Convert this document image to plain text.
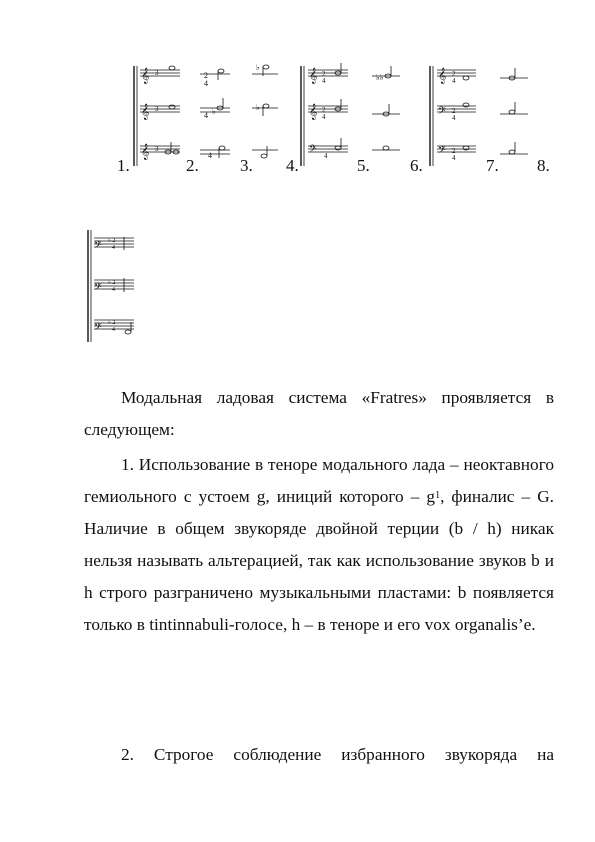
𝄞
𝄞
𝄞
3
3
3
2
4
4 ♭
4
♭
♭
𝄞
𝄞
𝄢
2
4
2
4
4
♭♭	𝄞
𝄢
𝄢
2
4
2
4
2
4
1.	2. 3. 4.	5. 6.	7. 8.
𝄢
𝄢
𝄢
♭ 2
4
♭ 2
4
♭ 2
4

Модальная ладовая система «Fratres» проявляется в следующем:

1. Использование в теноре модального лада – неоктавного гемиольного с устоем g, иниций которого – $g^1$, финалис – G. Наличие в общем звукоряде двойной терции (b / h) никак нельзя называть альтерацией, так как использование звуков b и h строго разграничено музыкальными пластами: b появляется только в tintinnabuli-голосе, h – в теноре и его vox organalis’e.

2. Строгое соблюдение избранного звукоряда на
